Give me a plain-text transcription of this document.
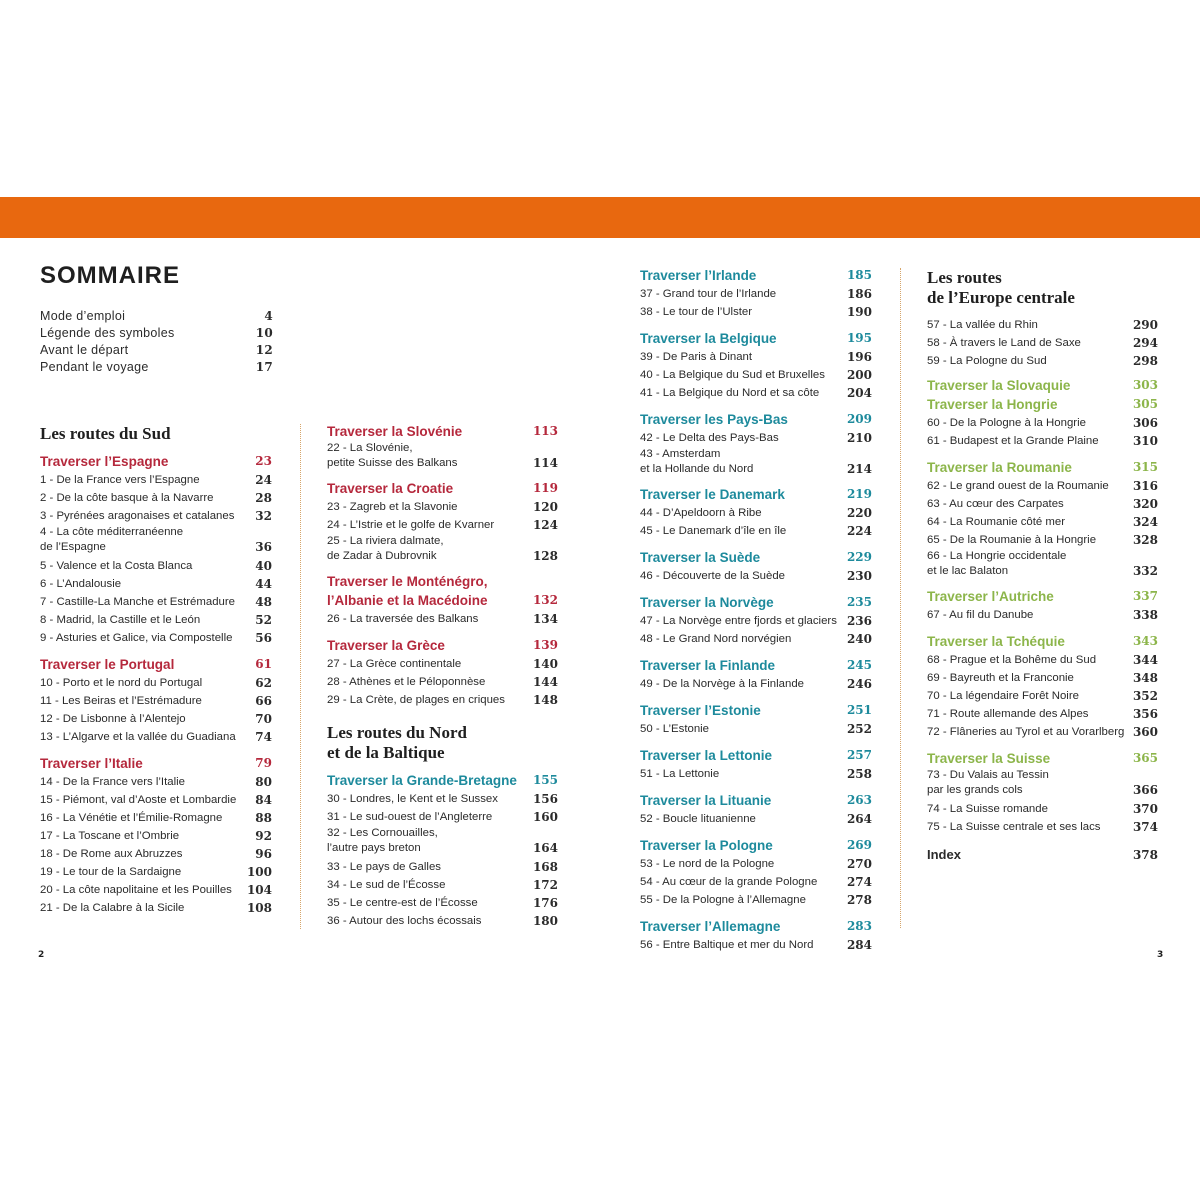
SOMMAIRE
Mode d’emploi	4
Légende des symboles	10
Avant le départ	12
Pendant le voyage	17
Les routes du Sud
Traverser l’Espagne	23
1 - De la France vers l’Espagne	24
2 - De la côte basque à la Navarre	28
3 - Pyrénées aragonaises et catalanes 32
4 - La côte méditerranéenne
de l’Espagne	36
5 - Valence et la Costa Blanca	40
6 - L’Andalousie	44
7 - Castille-La Manche et Estrémadure 48
8 - Madrid, la Castille et le León	52
9 - Asturies et Galice, via Compostelle 56
Traverser le Portugal	61
10 - Porto et le nord du Portugal	62
11 - Les Beiras et l’Estrémadure	66
12 - De Lisbonne à l’Alentejo	70
13 - L’Algarve et la vallée du Guadiana 74
Traverser l’Italie	79
14 - De la France vers l’Italie	80
15 - Piémont, val d’Aoste et Lombardie 84
16 - La Vénétie et l’Émilie-Romagne	88
17 - La Toscane et l’Ombrie	92
18 - De Rome aux Abruzzes	96
19 - Le tour de la Sardaigne	100
20 - La côte napolitaine et les Pouilles 104
21 - De la Calabre à la Sicile	108
Traverser la Slovénie	113
22 - La Slovénie,
petite Suisse des Balkans	114
Traverser la Croatie	119
23 - Zagreb et la Slavonie	120
24 - L’Istrie et le golfe de Kvarner	124
25 - La riviera dalmate,
de Zadar à Dubrovnik	128
Traverser le Monténégro,
l’Albanie et la Macédoine	132
26 - La traversée des Balkans	134
Traverser la Grèce	139
27 - La Grèce continentale	140
28 - Athènes et le Péloponnèse	144
29 - La Crète, de plages en criques 148
Les routes du Nord
et de la Baltique
Traverser la Grande-Bretagne 155
30 - Londres, le Kent et le Sussex	156
31 - Le sud-ouest de l’Angleterre	160
32 - Les Cornouailles,
l’autre pays breton	164
33 - Le pays de Galles	168
34 - Le sud de l’Écosse	172
35 - Le centre-est de l’Écosse	176
36 - Autour des lochs écossais	180
Traverser l’Irlande	185
37 - Grand tour de l’Irlande	186
38 - Le tour de l’Ulster	190
Traverser la Belgique	195
39 - De Paris à Dinant	196
40 - La Belgique du Sud et Bruxelles 200
41 - La Belgique du Nord et sa côte 204
Traverser les Pays-Bas	209
42 - Le Delta des Pays-Bas	210
43 - Amsterdam
et la Hollande du Nord	214
Traverser le Danemark	219
44 - D’Apeldoorn à Ribe	220
45 - Le Danemark d’île en île	224
Traverser la Suède	229
46 - Découverte de la Suède	230
Traverser la Norvège	235
47 - La Norvège entre fjords et glaciers 236
48 - Le Grand Nord norvégien	240
Traverser la Finlande	245
49 - De la Norvège à la Finlande	246
Traverser l’Estonie	251
50 - L’Estonie	252
Traverser la Lettonie	257
51 - La Lettonie	258
Traverser la Lituanie	263
52 - Boucle lituanienne	264
Traverser la Pologne	269
53 - Le nord de la Pologne	270
54 - Au cœur de la grande Pologne 274
55 - De la Pologne à l’Allemagne	278
Traverser l’Allemagne	283
56 - Entre Baltique et mer du Nord	284
Les routes
de l’Europe centrale
57 - La vallée du Rhin	290
58 - À travers le Land de Saxe	294
59 - La Pologne du Sud	298
Traverser la Slovaquie	303
Traverser la Hongrie	305
60 - De la Pologne à la Hongrie	306
61 - Budapest et la Grande Plaine	310
Traverser la Roumanie	315
62 - Le grand ouest de la Roumanie 316
63 - Au cœur des Carpates	320
64 - La Roumanie côté mer	324
65 - De la Roumanie à la Hongrie	328
66 - La Hongrie occidentale
et le lac Balaton	332
Traverser l’Autriche	337
67 - Au fil du Danube	338
Traverser la Tchéquie	343
68 - Prague et la Bohême du Sud	344
69 - Bayreuth et la Franconie	348
70 - La légendaire Forêt Noire	352
71 - Route allemande des Alpes	356
72 - Flâneries au Tyrol et au Vorarlberg 360
Traverser la Suisse	365
73 - Du Valais au Tessin
par les grands cols	366
74 - La Suisse romande	370
75 - La Suisse centrale et ses lacs	374
Index	378
2	3
